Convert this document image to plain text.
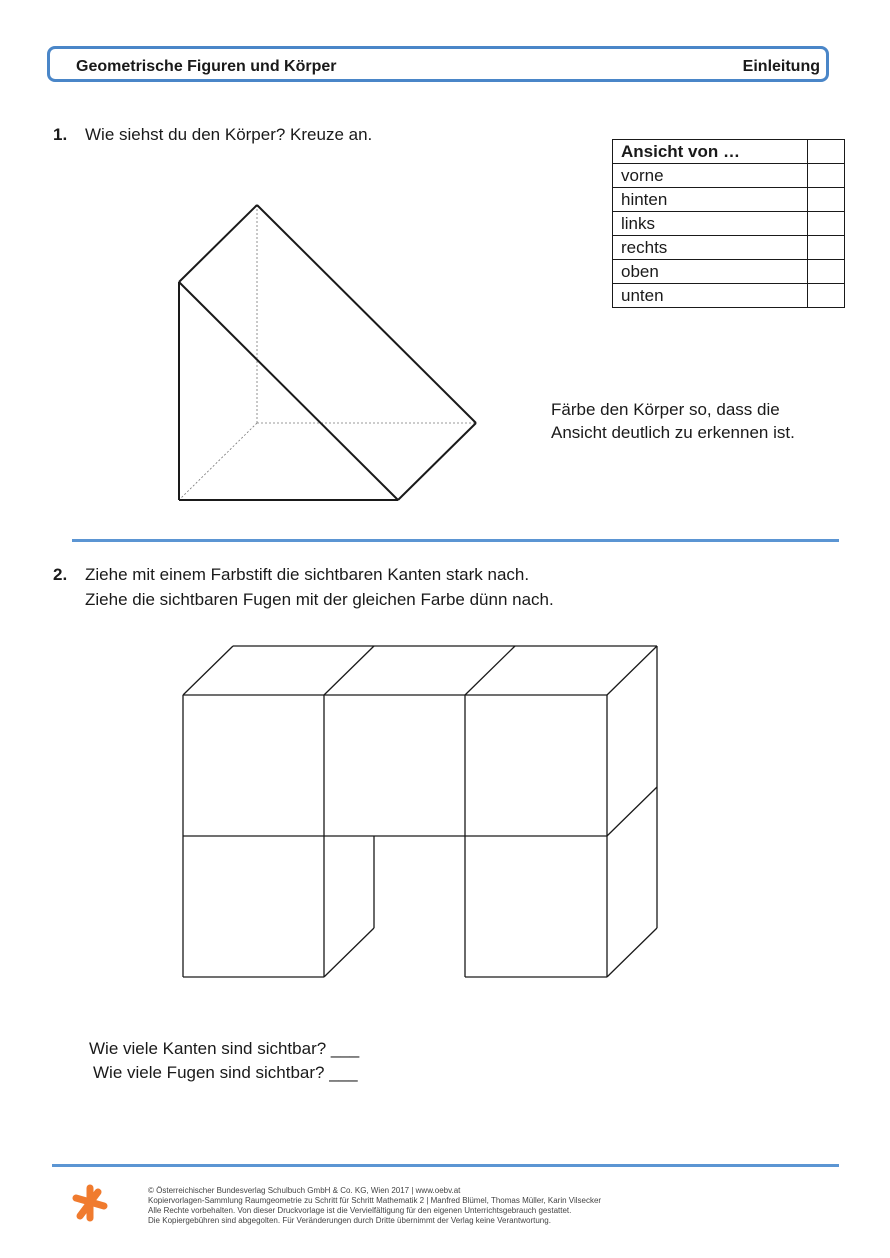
Geometrische Figuren und Körper	Einleitung
1. Wie siehst du den Körper? Kreuze an.
Ansicht von …	
vorne	
hinten	
links	
rechts	
oben	
unten	
Färbe den Körper so, dass die
Ansicht deutlich zu erkennen ist.
2. Ziehe mit einem Farbstift die sichtbaren Kanten stark nach.
Ziehe die sichtbaren Fugen mit der gleichen Farbe dünn nach.
Wie viele Kanten sind sichtbar? ___
Wie viele Fugen sind sichtbar? ___
© Österreichischer Bundesverlag Schulbuch GmbH & Co. KG, Wien 2017 | www.oebv.at
Kopiervorlagen-Sammlung Raumgeometrie zu Schritt für Schritt Mathematik 2 | Manfred Blümel, Thomas Müller, Karin Vilsecker
Alle Rechte vorbehalten. Von dieser Druckvorlage ist die Vervielfältigung für den eigenen Unterrichtsgebrauch gestattet.
Die Kopiergebühren sind abgegolten. Für Veränderungen durch Dritte übernimmt der Verlag keine Verantwortung.
